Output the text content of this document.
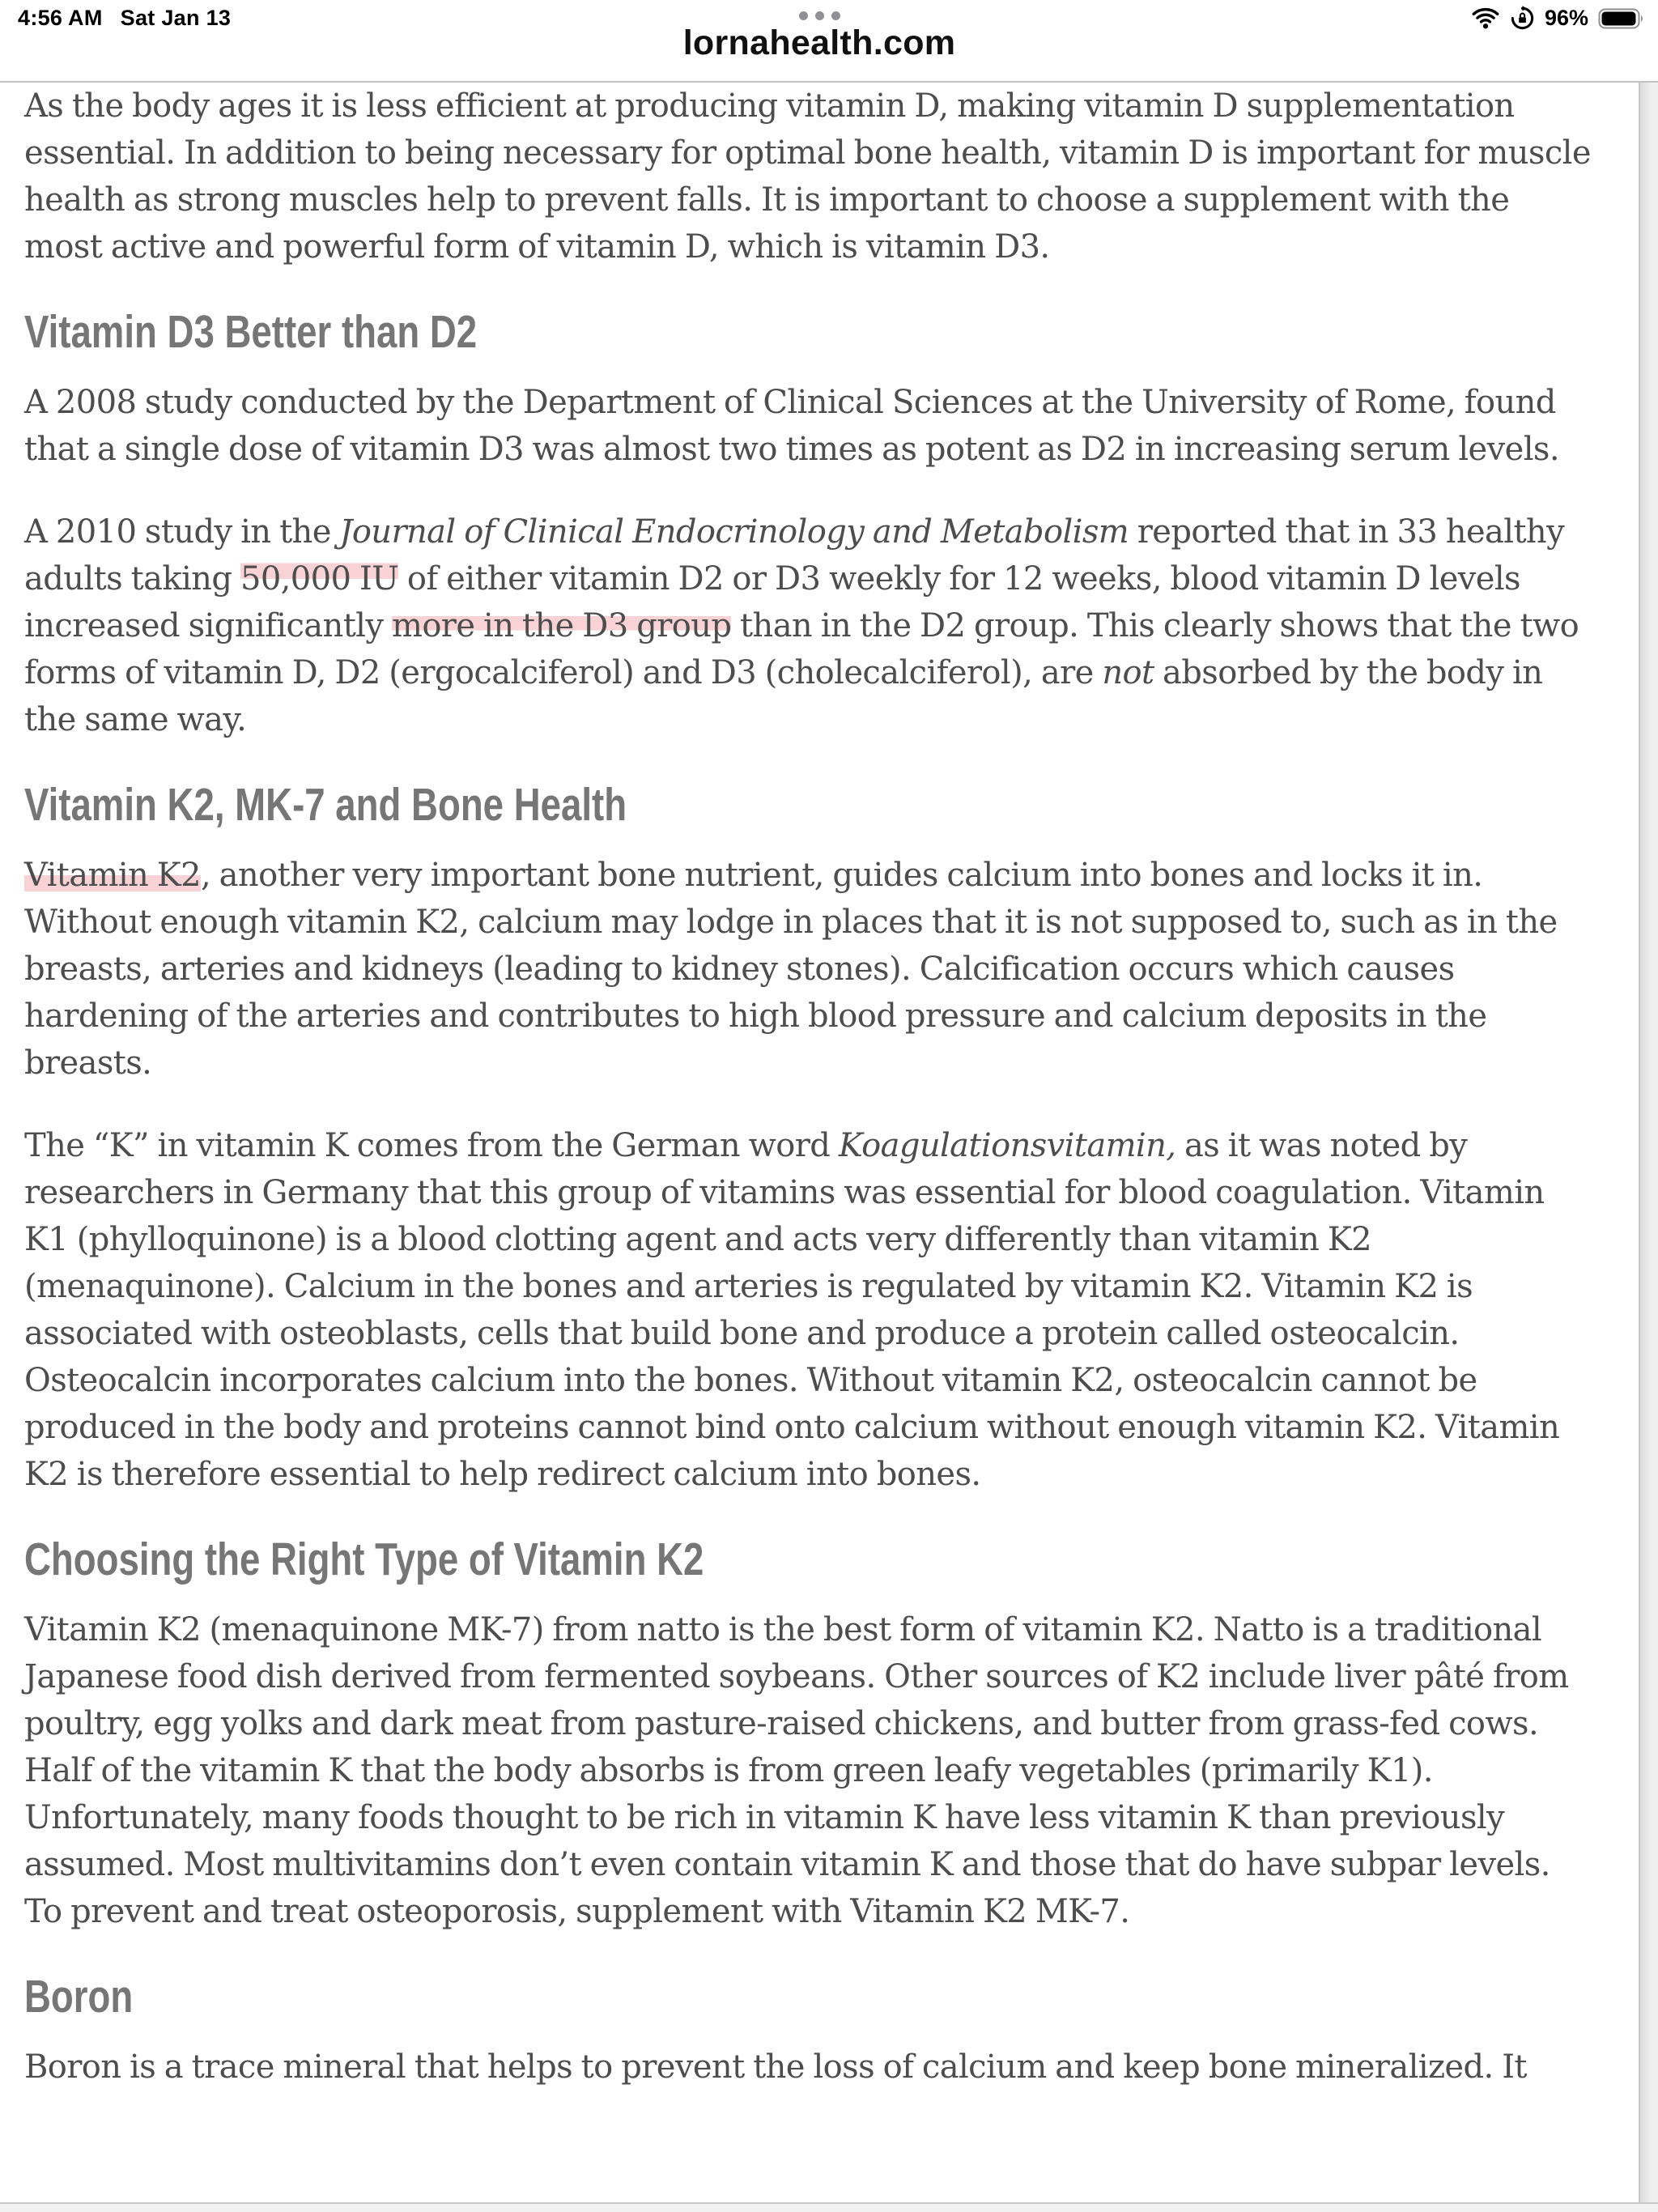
4:56 AM Sat Jan 13	96%
lornahealth.com

As the body ages it is less efficient at producing vitamin D, making vitamin D supplementation essential. In addition to being necessary for optimal bone health, vitamin D is important for muscle health as strong muscles help to prevent falls. It is important to choose a supplement with the most active and powerful form of vitamin D, which is vitamin D3.

Vitamin D3 Better than D2

A 2008 study conducted by the Department of Clinical Sciences at the University of Rome, found that a single dose of vitamin D3 was almost two times as potent as D2 in increasing serum levels.

A 2010 study in the Journal of Clinical Endocrinology and Metabolism reported that in 33 healthy adults taking 50,000 IU of either vitamin D2 or D3 weekly for 12 weeks, blood vitamin D levels increased significantly more in the D3 group than in the D2 group. This clearly shows that the two forms of vitamin D, D2 (ergocalciferol) and D3 (cholecalciferol), are not absorbed by the body in the same way.

Vitamin K2, MK-7 and Bone Health

Vitamin K2, another very important bone nutrient, guides calcium into bones and locks it in. Without enough vitamin K2, calcium may lodge in places that it is not supposed to, such as in the breasts, arteries and kidneys (leading to kidney stones). Calcification occurs which causes hardening of the arteries and contributes to high blood pressure and calcium deposits in the breasts.

The “K” in vitamin K comes from the German word Koagulationsvitamin, as it was noted by researchers in Germany that this group of vitamins was essential for blood coagulation. Vitamin K1 (phylloquinone) is a blood clotting agent and acts very differently than vitamin K2 (menaquinone). Calcium in the bones and arteries is regulated by vitamin K2. Vitamin K2 is associated with osteoblasts, cells that build bone and produce a protein called osteocalcin. Osteocalcin incorporates calcium into the bones. Without vitamin K2, osteocalcin cannot be produced in the body and proteins cannot bind onto calcium without enough vitamin K2. Vitamin K2 is therefore essential to help redirect calcium into bones.

Choosing the Right Type of Vitamin K2

Vitamin K2 (menaquinone MK-7) from natto is the best form of vitamin K2. Natto is a traditional Japanese food dish derived from fermented soybeans. Other sources of K2 include liver pâté from poultry, egg yolks and dark meat from pasture-raised chickens, and butter from grass-fed cows. Half of the vitamin K that the body absorbs is from green leafy vegetables (primarily K1). Unfortunately, many foods thought to be rich in vitamin K have less vitamin K than previously assumed. Most multivitamins don’t even contain vitamin K and those that do have subpar levels. To prevent and treat osteoporosis, supplement with Vitamin K2 MK-7.

Boron

Boron is a trace mineral that helps to prevent the loss of calcium and keep bone mineralized. It
